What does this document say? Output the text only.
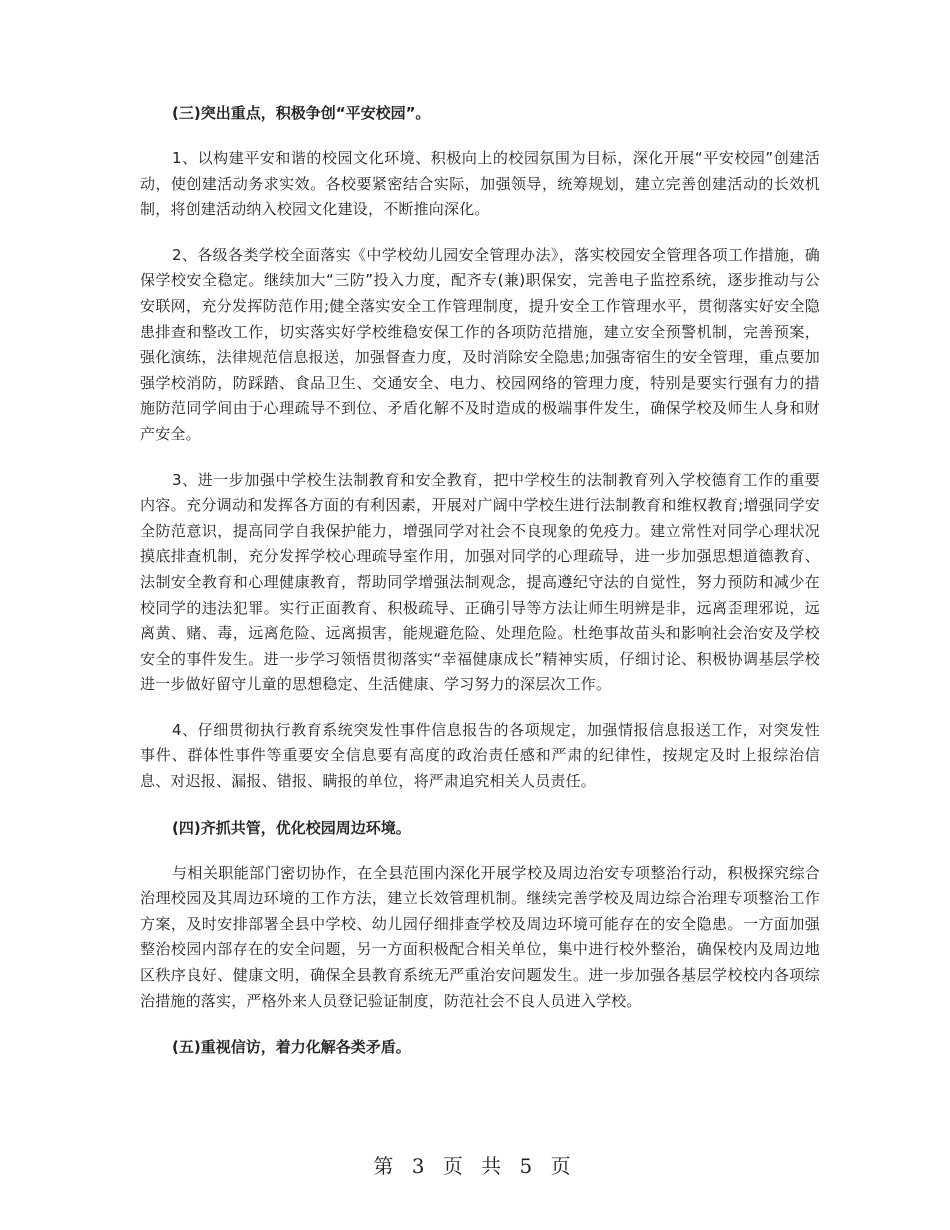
(三)突出重点，积极争创“平安校园”。

1、以构建平安和谐的校园文化环境、积极向上的校园氛围为目标，深化开展“平安校园”创建活动，使创建活动务求实效。各校要紧密结合实际，加强领导，统筹规划，建立完善创建活动的长效机制，将创建活动纳入校园文化建设，不断推向深化。

2、各级各类学校全面落实《中学校幼儿园安全管理办法》，落实校园安全管理各项工作措施，确保学校安全稳定。继续加大“三防”投入力度，配齐专(兼)职保安，完善电子监控系统，逐步推动与公安联网，充分发挥防范作用;健全落实安全工作管理制度，提升安全工作管理水平，贯彻落实好安全隐患排查和整改工作，切实落实好学校维稳安保工作的各项防范措施，建立安全预警机制，完善预案，强化演练，法律规范信息报送，加强督查力度，及时消除安全隐患;加强寄宿生的安全管理，重点要加强学校消防，防踩踏、食品卫生、交通安全、电力、校园网络的管理力度，特别是要实行强有力的措施防范同学间由于心理疏导不到位、矛盾化解不及时造成的极端事件发生，确保学校及师生人身和财产安全。

3、进一步加强中学校生法制教育和安全教育，把中学校生的法制教育列入学校德育工作的重要内容。充分调动和发挥各方面的有利因素，开展对广阔中学校生进行法制教育和维权教育;增强同学安全防范意识，提高同学自我保护能力，增强同学对社会不良现象的免疫力。建立常性对同学心理状况摸底排查机制，充分发挥学校心理疏导室作用，加强对同学的心理疏导，进一步加强思想道德教育、法制安全教育和心理健康教育，帮助同学增强法制观念，提高遵纪守法的自觉性，努力预防和减少在校同学的违法犯罪。实行正面教育、积极疏导、正确引导等方法让师生明辨是非，远离歪理邪说，远离黄、赌、毒，远离危险、远离损害，能规避危险、处理危险。杜绝事故苗头和影响社会治安及学校安全的事件发生。进一步学习领悟贯彻落实“幸福健康成长”精神实质，仔细讨论、积极协调基层学校进一步做好留守儿童的思想稳定、生活健康、学习努力的深层次工作。

4、仔细贯彻执行教育系统突发性事件信息报告的各项规定，加强情报信息报送工作，对突发性事件、群体性事件等重要安全信息要有高度的政治责任感和严肃的纪律性，按规定及时上报综治信息、对迟报、漏报、错报、瞒报的单位，将严肃追究相关人员责任。

(四)齐抓共管，优化校园周边环境。

与相关职能部门密切协作，在全县范围内深化开展学校及周边治安专项整治行动，积极探究综合治理校园及其周边环境的工作方法，建立长效管理机制。继续完善学校及周边综合治理专项整治工作方案，及时安排部署全县中学校、幼儿园仔细排查学校及周边环境可能存在的安全隐患。一方面加强整治校园内部存在的安全问题，另一方面积极配合相关单位，集中进行校外整治，确保校内及周边地区秩序良好、健康文明，确保全县教育系统无严重治安问题发生。进一步加强各基层学校校内各项综治措施的落实，严格外来人员登记验证制度，防范社会不良人员进入学校。

(五)重视信访，着力化解各类矛盾。
第 3 页 共 5 页
